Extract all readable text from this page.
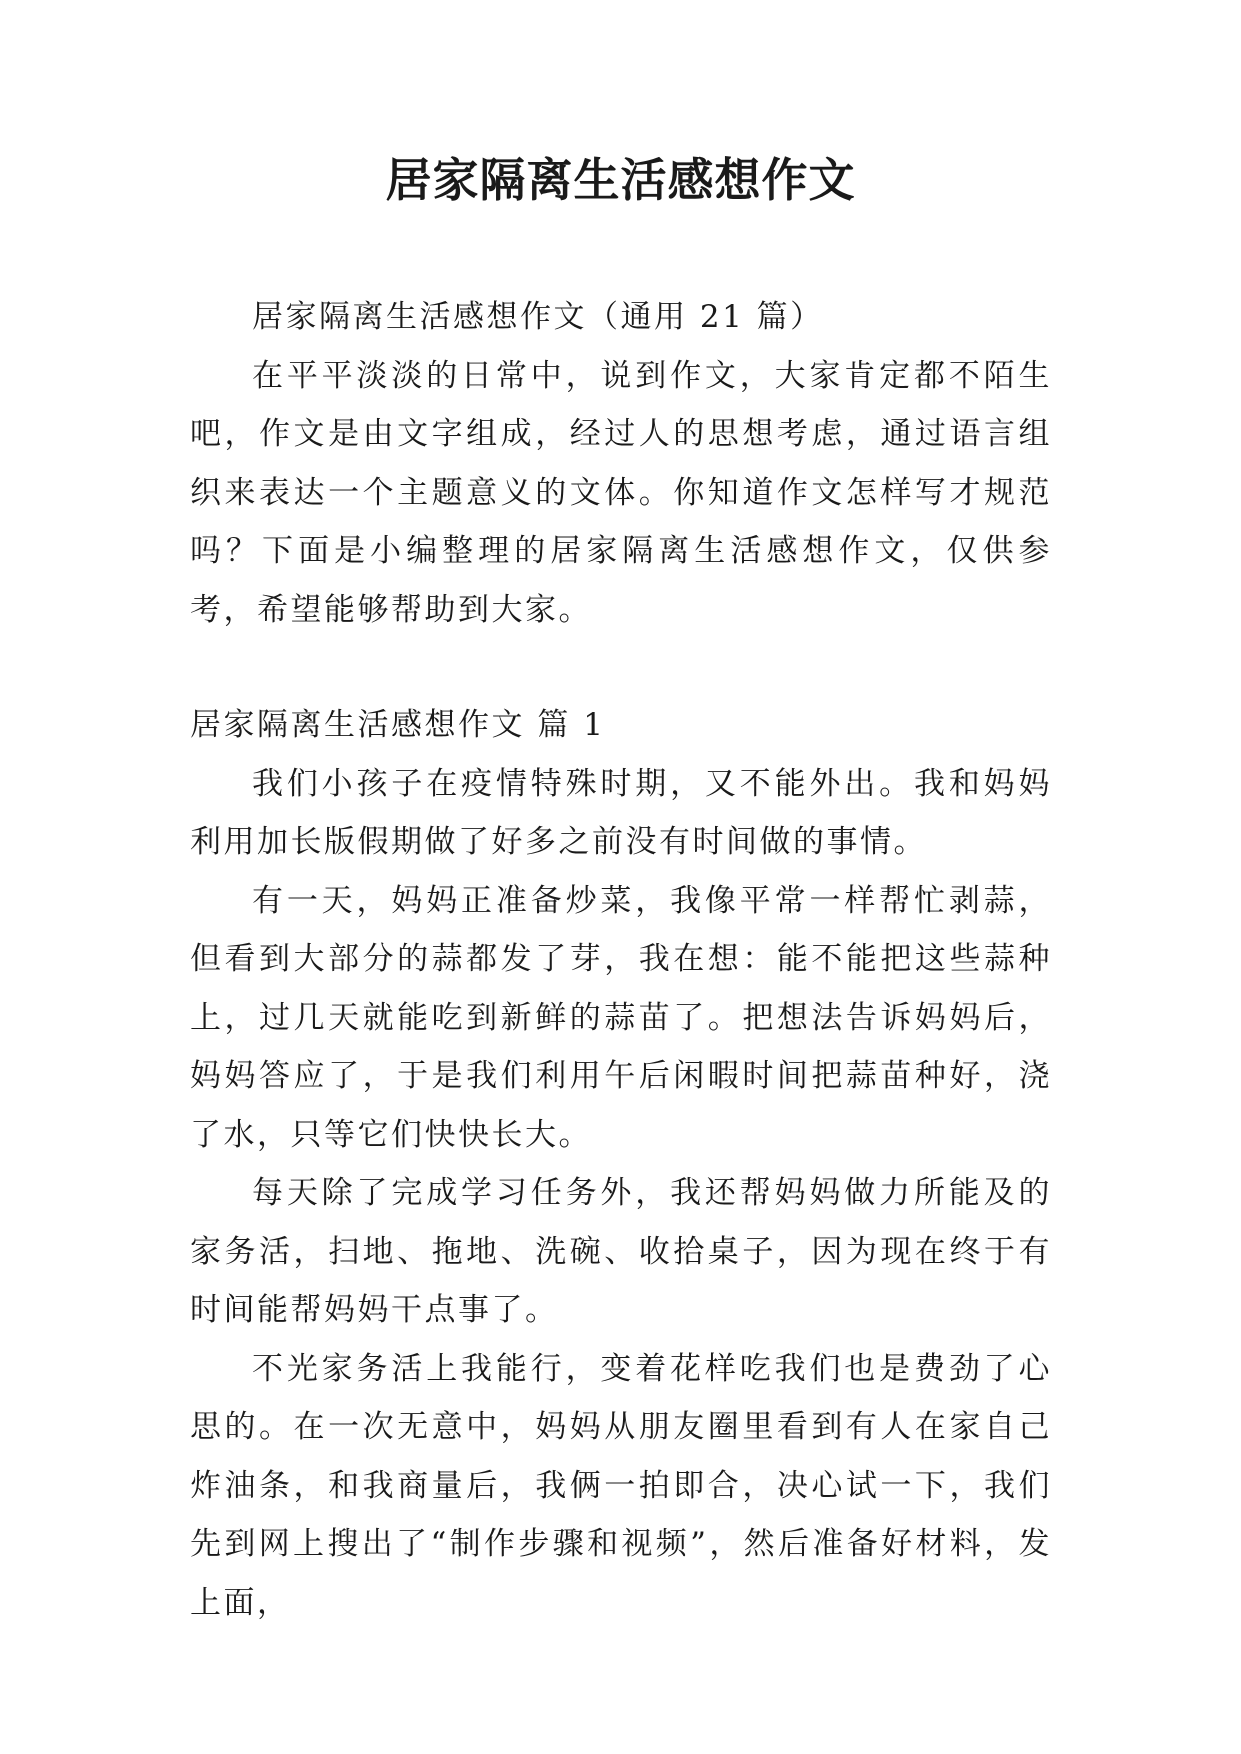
居家隔离生活感想作文

居家隔离生活感想作文（通用 21 篇）

在平平淡淡的日常中，说到作文，大家肯定都不陌生吧，作文是由文字组成，经过人的思想考虑，通过语言组织来表达一个主题意义的文体。你知道作文怎样写才规范吗？下面是小编整理的居家隔离生活感想作文，仅供参考，希望能够帮助到大家。

居家隔离生活感想作文 篇 1

我们小孩子在疫情特殊时期，又不能外出。我和妈妈利用加长版假期做了好多之前没有时间做的事情。

有一天，妈妈正准备炒菜，我像平常一样帮忙剥蒜，但看到大部分的蒜都发了芽，我在想：能不能把这些蒜种上，过几天就能吃到新鲜的蒜苗了。把想法告诉妈妈后，妈妈答应了，于是我们利用午后闲暇时间把蒜苗种好，浇了水，只等它们快快长大。

每天除了完成学习任务外，我还帮妈妈做力所能及的家务活，扫地、拖地、洗碗、收拾桌子，因为现在终于有时间能帮妈妈干点事了。

不光家务活上我能行，变着花样吃我们也是费劲了心思的。在一次无意中，妈妈从朋友圈里看到有人在家自己炸油条，和我商量后，我俩一拍即合，决心试一下，我们先到网上搜出了“制作步骤和视频”，然后准备好材料，发上面，
